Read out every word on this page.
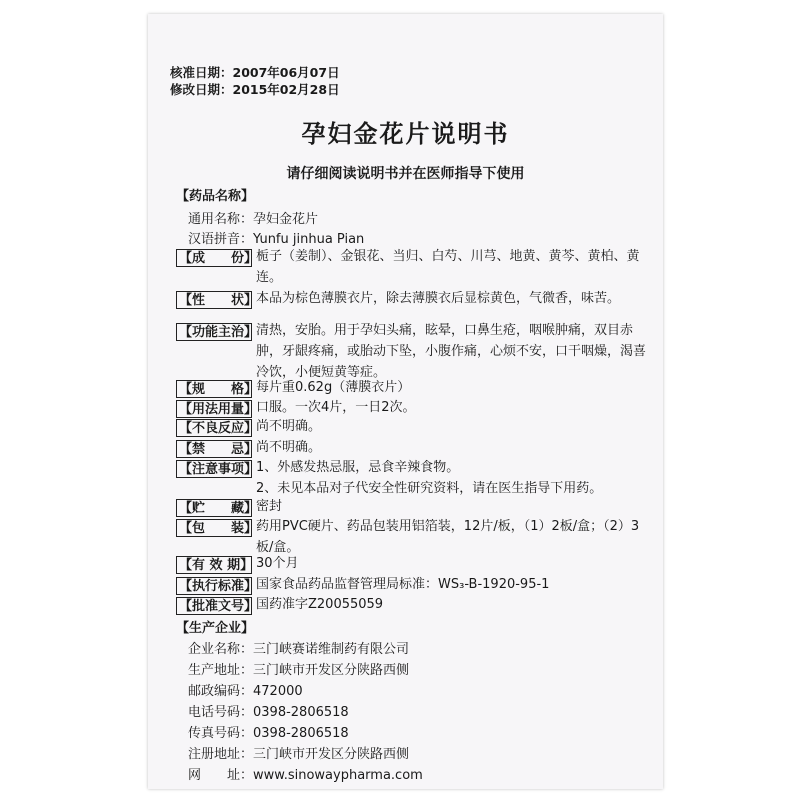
核准日期：2007年06月07日
修改日期：2015年02月28日
孕妇金花片说明书
请仔细阅读说明书并在医师指导下使用
【药品名称】
通用名称：孕妇金花片
汉语拼音：Yunfu jinhua Pian
【 成　　份 】
栀子（姜制）、金银花、当归、白芍、川芎、地黄、黄芩、黄柏、黄连。
【 性　　状 】
本品为棕色薄膜衣片，除去薄膜衣后显棕黄色，气微香，味苦。
【 功能主治 】
清热，安胎。用于孕妇头痛，眩晕，口鼻生疮，咽喉肿痛，双目赤肿，牙龈疼痛，或胎动下坠，小腹作痛，心烦不安，口干咽燥，渴喜冷饮，小便短黄等症。
【 规　　格 】
每片重0.62g（薄膜衣片）
【 用法用量 】
口服。一次4片，一日2次。
【 不良反应 】
尚不明确。
【 禁　　忌 】
尚不明确。
【 注意事项 】
1、外感发热忌服，忌食辛辣食物。
2、未见本品对子代安全性研究资料，请在医生指导下用药。
【 贮　　藏 】
密封
【 包　　装 】
药用PVC硬片、药品包装用铝箔装，12片/板，（1）2板/盒；（2）3板/盒。
【 有 效 期 】 30个月
【 执行标准 】
国家食品药品监督管理局标准：WS₃-B-1920-95-1
【 批准文号 】
国药准字Z20055059
【生产企业】
企业名称：三门峡赛诺维制药有限公司
生产地址：三门峡市开发区分陕路西侧
邮政编码：472000
电话号码：0398-2806518
传真号码：0398-2806518
注册地址：三门峡市开发区分陕路西侧
网　　址：www.sinowaypharma.com
